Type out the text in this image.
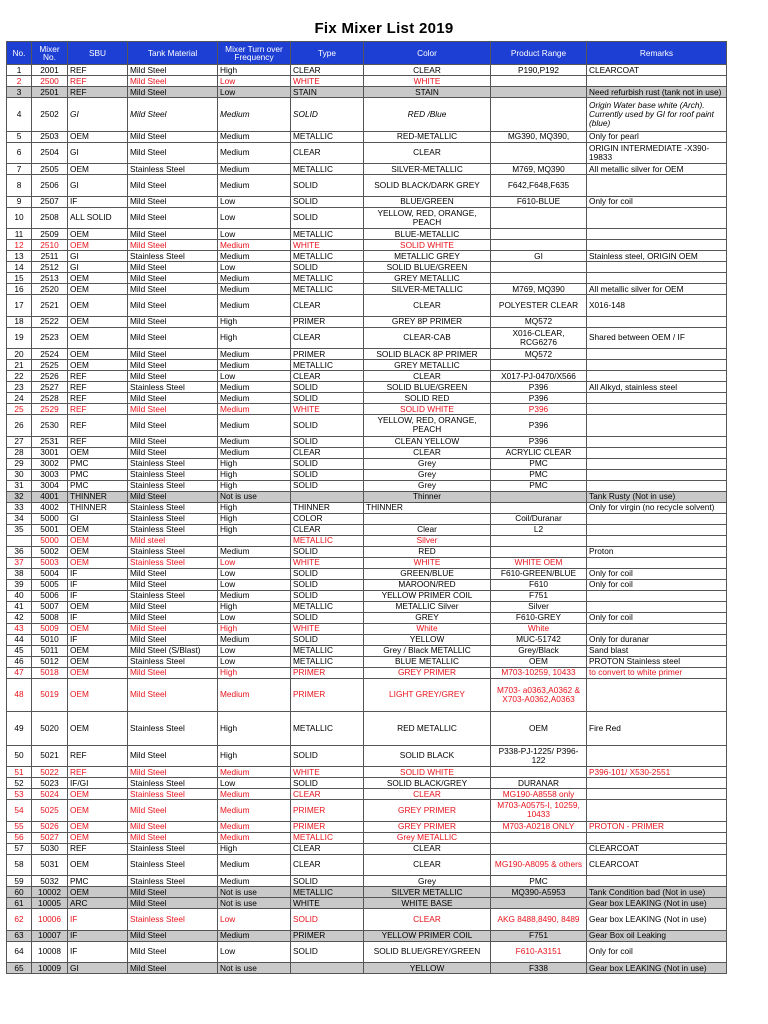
Fix Mixer List 2019
No.	Mixer No.	SBU	Tank Material	Mixer Turn over Frequency	Type	Color	Product Range	Remarks
1	2001	REF	Mild Steel	High	CLEAR	CLEAR	P190,P192	CLEARCOAT
2	2500	REF	Mild Steel	Low	WHITE	WHITE		
3	2501	REF	Mild Steel	Low	STAIN	STAIN		Need refurbish rust (tank not in use)
4	2502	GI	Mild Steel	Medium	SOLID	RED /Blue		Origin Water base white (Arch). Currently used by GI for roof paint (blue)
5	2503	OEM	Mild Steel	Medium	METALLIC	RED-METALLIC	MG390, MQ390,	Only for pearl
6	2504	GI	Mild Steel	Medium	CLEAR	CLEAR		ORIGIN INTERMEDIATE -X390-19833
7	2505	OEM	Stainless Steel	Medium	METALLIC	SILVER-METALLIC	M769, MQ390	All metallic silver for OEM
8	2506	GI	Mild Steel	Medium	SOLID	SOLID BLACK/DARK GREY	F642,F648,F635	
9	2507	IF	Mild Steel	Low	SOLID	BLUE/GREEN	F610-BLUE	Only for coil
10	2508	ALL SOLID	Mild Steel	Low	SOLID	YELLOW, RED, ORANGE, PEACH		
11	2509	OEM	Mild Steel	Low	METALLIC	BLUE-METALLIC		
12	2510	OEM	Mild Steel	Medium	WHITE	SOLID WHITE		
13	2511	GI	Stainless Steel	Medium	METALLIC	METALLIC GREY	GI	Stainless steel, ORIGIN OEM
14	2512	GI	Mild Steel	Low	SOLID	SOLID BLUE/GREEN		
15	2513	OEM	Mild Steel	Medium	METALLIC	GREY METALLIC		
16	2520	OEM	Mild Steel	Medium	METALLIC	SILVER-METALLIC	M769, MQ390	All metallic silver for OEM
17	2521	OEM	Mild Steel	Medium	CLEAR	CLEAR	POLYESTER CLEAR	X016-148
18	2522	OEM	Mild Steel	High	PRIMER	GREY 8P PRIMER	MQ572	
19	2523	OEM	Mild Steel	High	CLEAR	CLEAR-CAB	X016-CLEAR, RCG6276	Shared between OEM / IF
20	2524	OEM	Mild Steel	Medium	PRIMER	SOLID BLACK 8P PRIMER	MQ572	
21	2525	OEM	Mild Steel	Medium	METALLIC	GREY METALLIC		
22	2526	REF	Mild Steel	Low	CLEAR	CLEAR	X017-PJ-0470/X566	
23	2527	REF	Stainless Steel	Medium	SOLID	SOLID BLUE/GREEN	P396	All Alkyd, stainless steel
24	2528	REF	Mild Steel	Medium	SOLID	SOLID RED	P396	
25	2529	REF	Mild Steel	Medium	WHITE	SOLID WHITE	P396	
26	2530	REF	Mild Steel	Medium	SOLID	YELLOW, RED, ORANGE, PEACH	P396	
27	2531	REF	Mild Steel	Medium	SOLID	CLEAN YELLOW	P396	
28	3001	OEM	Mild Steel	Medium	CLEAR	CLEAR	ACRYLIC CLEAR	
29	3002	PMC	Stainless Steel	High	SOLID	Grey	PMC	
30	3003	PMC	Stainless Steel	High	SOLID	Grey	PMC	
31	3004	PMC	Stainless Steel	High	SOLID	Grey	PMC	
32	4001	THINNER	Mild Steel	Not is use		Thinner		Tank Rusty (Not in use)
33	4002	THINNER	Stainless Steel	High	THINNER	THINNER		Only for virgin (no recycle solvent)
34	5000	GI	Stainless Steel	High	COLOR		Coil/Duranar	
35	5001	OEM	Stainless Steel	High	CLEAR	Clear	L2	
	5000	OEM	Mild steel		METALLIC	Silver		
36	5002	OEM	Stainless Steel	Medium	SOLID	RED		Proton
37	5003	OEM	Stainless Steel	Low	WHITE	WHITE	WHITE OEM	
38	5004	IF	Mild Steel	Low	SOLID	GREEN/BLUE	F610-GREEN/BLUE	Only for coil
39	5005	IF	Mild Steel	Low	SOLID	MAROON/RED	F610	Only for coil
40	5006	IF	Stainless Steel	Medium	SOLID	YELLOW PRIMER COIL	F751	
41	5007	OEM	Mild Steel	High	METALLIC	METALLIC Silver	Silver	
42	5008	IF	Mild Steel	Low	SOLID	GREY	F610-GREY	Only for coil
43	5009	OEM	Mild Steel	High	WHITE	White	White	
44	5010	IF	Mild Steel	Medium	SOLID	YELLOW	MUC-51742	Only for duranar
45	5011	OEM	Mild Steel (S/Blast)	Low	METALLIC	Grey / Black METALLIC	Grey/Black	Sand blast
46	5012	OEM	Stainless Steel	Low	METALLIC	BLUE METALLIC	OEM	PROTON Stainless steel
47	5018	OEM	Mild Steel	High	PRIMER	GREY PRIMER	M703-10259, 10433	to convert to white primer
48	5019	OEM	Mild Steel	Medium	PRIMER	LIGHT GREY/GREY	M703- a0363,A0362 & X703-A0362,A0363	
49	5020	OEM	Stainless Steel	High	METALLIC	RED METALLIC	OEM	Fire Red
50	5021	REF	Mild Steel	High	SOLID	SOLID BLACK	P338-PJ-1225/ P396- 122	
51	5022	REF	Mild Steel	Medium	WHITE	SOLID WHITE		P396-101/ X530-2551
52	5023	IF/GI	Stainless Steel	Low	SOLID	SOLID BLACK/GREY	DURANAR	
53	5024	OEM	Stainless Steel	Medium	CLEAR	CLEAR	MG190-A8558 only	
54	5025	OEM	Mild Steel	Medium	PRIMER	GREY PRIMER	M703-A0575-I, 10259, 10433	
55	5026	OEM	Mild Steel	Medium	PRIMER	GREY PRIMER	M703-A0218 ONLY	PROTON - PRIMER
56	5027	OEM	Mild Steel	Medium	METALLIC	Grey METALLIC		
57	5030	REF	Stainless Steel	High	CLEAR	CLEAR		CLEARCOAT
58	5031	OEM	Stainless Steel	Medium	CLEAR	CLEAR	MG190-A8095 & others	CLEARCOAT
59	5032	PMC	Stainless Steel	Medium	SOLID	Grey	PMC	
60	10002	OEM	Mild Steel	Not is use	METALLIC	SILVER METALLIC	MQ390-A5953	Tank Condition bad (Not in use)
61	10005	ARC	Mild Steel	Not is use	WHITE	WHITE BASE		Gear box LEAKING (Not in use)
62	10006	IF	Stainless Steel	Low	SOLID	CLEAR	AKG 8488,8490, 8489	Gear box LEAKING (Not in use)
63	10007	IF	Mild Steel	Medium	PRIMER	YELLOW PRIMER COIL	F751	Gear Box oil Leaking
64	10008	IF	Mild Steel	Low	SOLID	SOLID BLUE/GREY/GREEN	F610-A3151	Only for coil
65	10009	GI	Mild Steel	Not is use		YELLOW	F338	Gear box LEAKING (Not in use)
